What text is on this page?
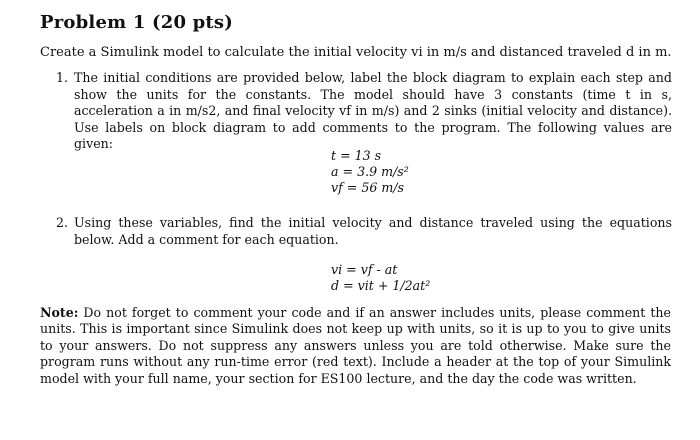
Problem 1 (20 pts)
Create a Simulink model to calculate the initial velocity vi in m/s and distanced traveled d in m.
1. The initial conditions are provided below, label the block diagram to explain each step and show the units for the constants. The model should have 3 constants (time t in s, acceleration a in m/s2, and final velocity vf in m/s) and 2 sinks (initial velocity and distance). Use labels on block diagram to add comments to the program. The following values are given:
t = 13 s
a = 3.9 m/s²
vf = 56 m/s
2. Using these variables, find the initial velocity and distance traveled using the equations below. Add a comment for each equation.
vi = vf - at
d = vit + 1/2at²
Note: Do not forget to comment your code and if an answer includes units, please comment the units. This is important since Simulink does not keep up with units, so it is up to you to give units to your answers. Do not suppress any answers unless you are told otherwise. Make sure the program runs without any run-time error (red text). Include a header at the top of your Simulink model with your full name, your section for ES100 lecture, and the day the code was written.
